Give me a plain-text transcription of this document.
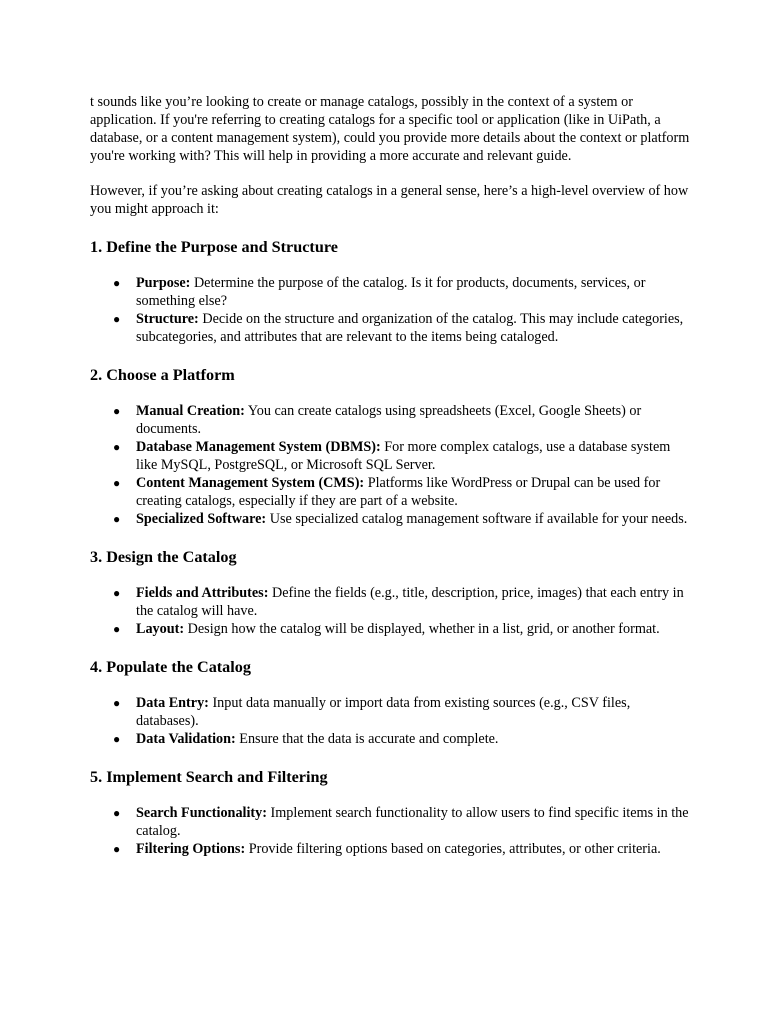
t sounds like you’re looking to create or manage catalogs, possibly in the context of a system or application. If you're referring to creating catalogs for a specific tool or application (like in UiPath, a database, or a content management system), could you provide more details about the context or platform you're working with? This will help in providing a more accurate and relevant guide.

However, if you’re asking about creating catalogs in a general sense, here’s a high-level overview of how you might approach it:

1. Define the Purpose and Structure
● Purpose: Determine the purpose of the catalog. Is it for products, documents, services, or something else?
● Structure: Decide on the structure and organization of the catalog. This may include categories, subcategories, and attributes that are relevant to the items being cataloged.
2. Choose a Platform
● Manual Creation: You can create catalogs using spreadsheets (Excel, Google Sheets) or documents.
● Database Management System (DBMS): For more complex catalogs, use a database system like MySQL, PostgreSQL, or Microsoft SQL Server.
● Content Management System (CMS): Platforms like WordPress or Drupal can be used for creating catalogs, especially if they are part of a website.
● Specialized Software: Use specialized catalog management software if available for your needs.
3. Design the Catalog
● Fields and Attributes: Define the fields (e.g., title, description, price, images) that each entry in the catalog will have.
● Layout: Design how the catalog will be displayed, whether in a list, grid, or another format.
4. Populate the Catalog
● Data Entry: Input data manually or import data from existing sources (e.g., CSV files, databases).
● Data Validation: Ensure that the data is accurate and complete.
5. Implement Search and Filtering
● Search Functionality: Implement search functionality to allow users to find specific items in the catalog.
● Filtering Options: Provide filtering options based on categories, attributes, or other criteria.
